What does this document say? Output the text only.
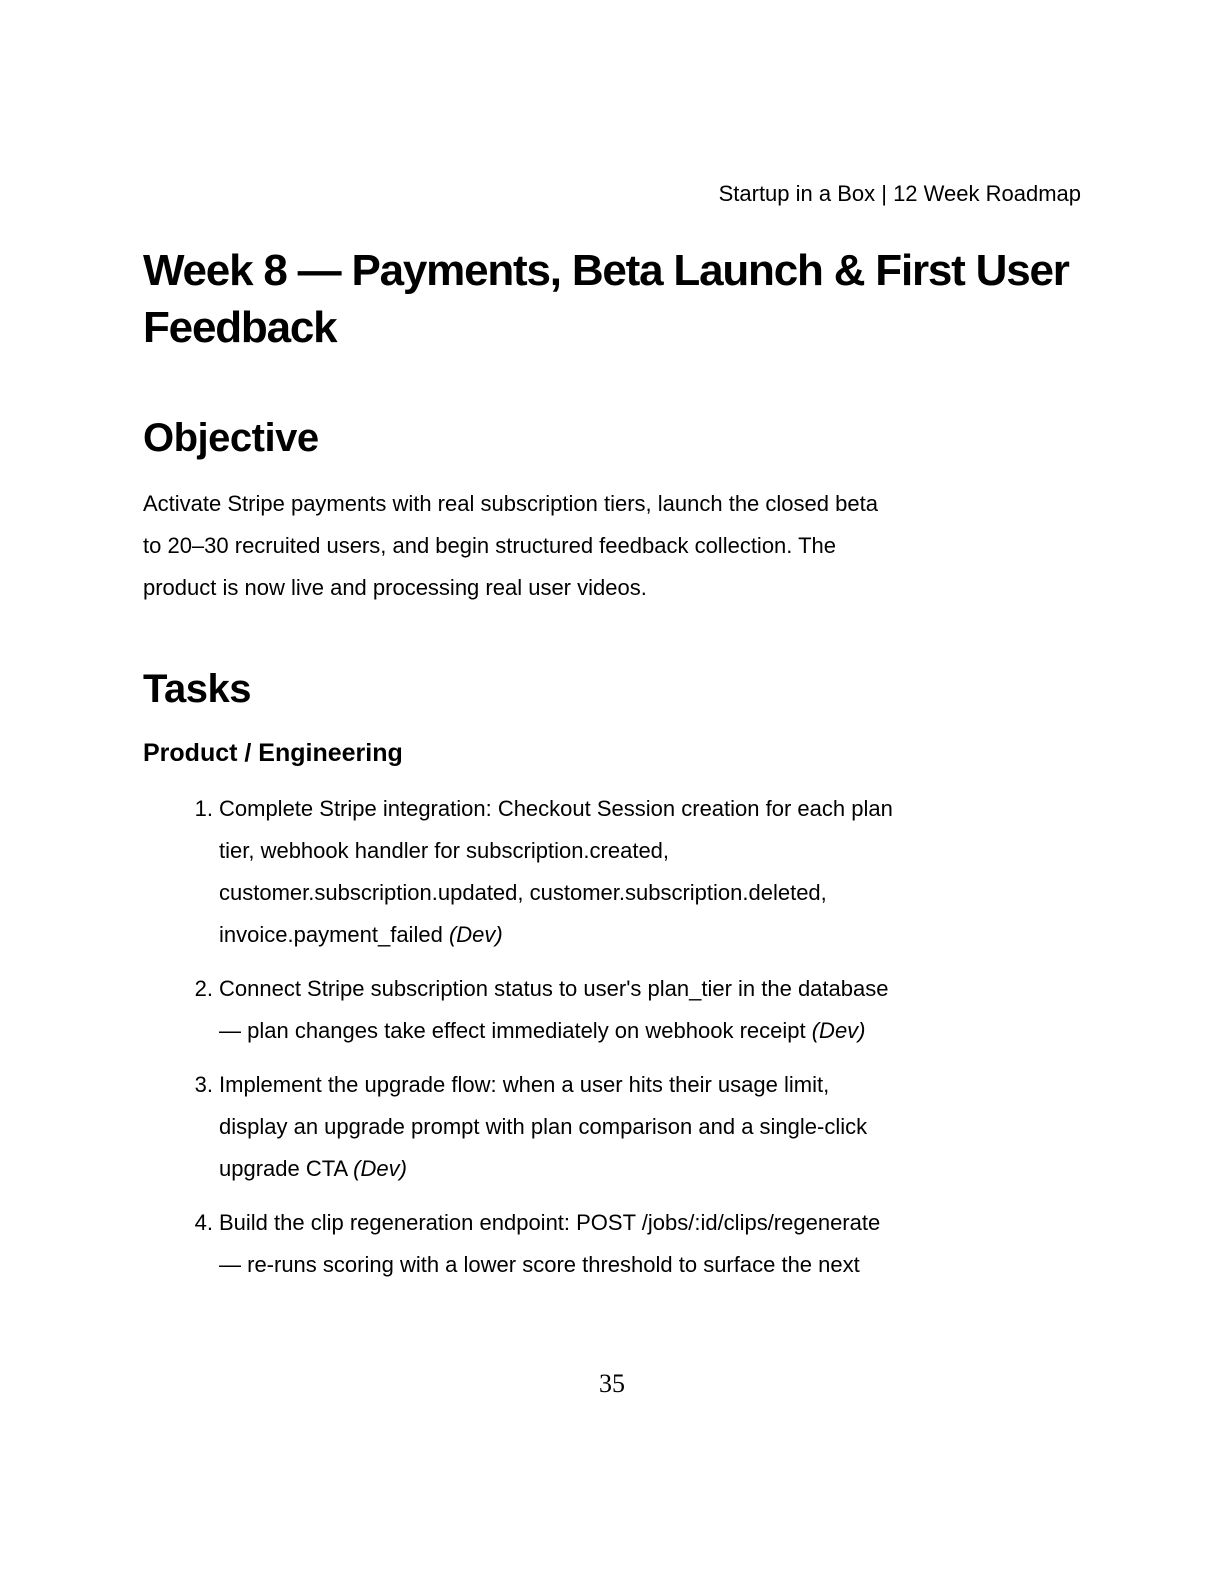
Startup in a Box | 12 Week Roadmap
Week 8 — Payments, Beta Launch & First User
Feedback
Objective
Activate Stripe payments with real subscription tiers, launch the closed beta
to 20–30 recruited users, and begin structured feedback collection. The
product is now live and processing real user videos.
Tasks
Product / Engineering
1. Complete Stripe integration: Checkout Session creation for each plan
tier, webhook handler for subscription.created,
customer.subscription.updated, customer.subscription.deleted,
invoice.payment_failed (Dev)
2. Connect Stripe subscription status to user's plan_tier in the database
— plan changes take effect immediately on webhook receipt (Dev)
3. Implement the upgrade flow: when a user hits their usage limit,
display an upgrade prompt with plan comparison and a single-click
upgrade CTA (Dev)
4. Build the clip regeneration endpoint: POST /jobs/:id/clips/regenerate
— re-runs scoring with a lower score threshold to surface the next
35
